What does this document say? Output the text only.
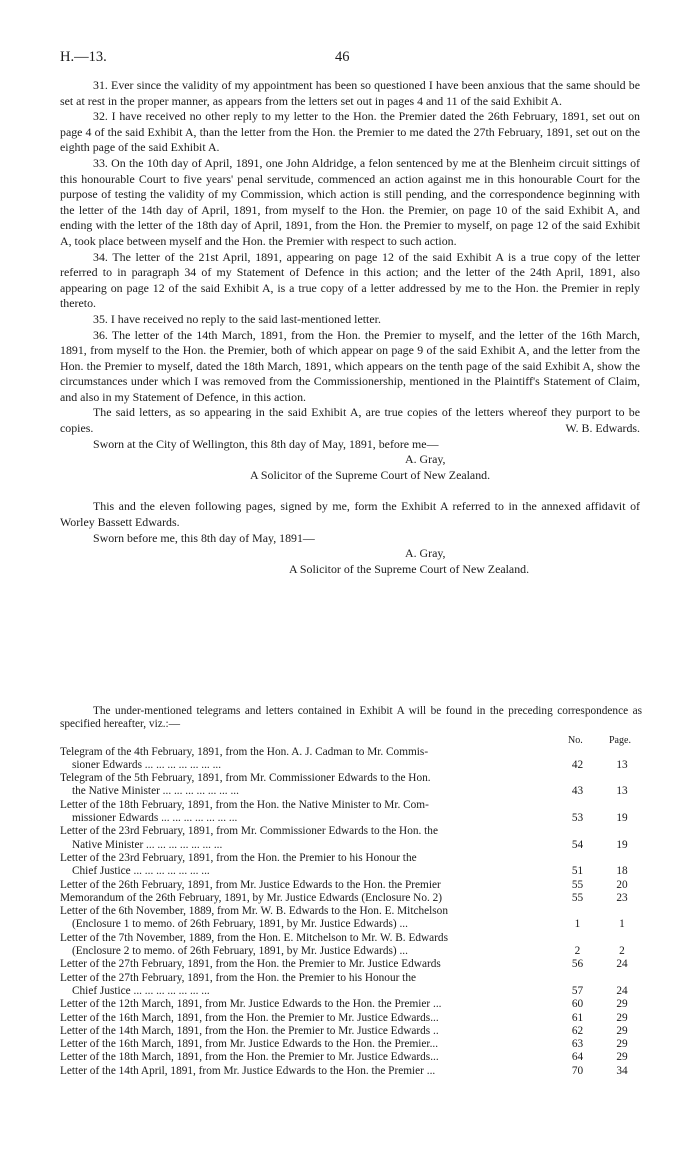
H.—13.	46

31. Ever since the validity of my appointment has been so questioned I have been anxious that the same should be set at rest in the proper manner, as appears from the letters set out in pages 4 and 11 of the said Exhibit A.

32. I have received no other reply to my letter to the Hon. the Premier dated the 26th February, 1891, set out on page 4 of the said Exhibit A, than the letter from the Hon. the Premier to me dated the 27th February, 1891, set out on the eighth page of the said Exhibit A.

33. On the 10th day of April, 1891, one John Aldridge, a felon sentenced by me at the Blenheim circuit sittings of this honourable Court to five years' penal servitude, commenced an action against me in this honourable Court for the purpose of testing the validity of my Commission, which action is still pending, and the correspondence beginning with the letter of the 14th day of April, 1891, from myself to the Hon. the Premier, on page 10 of the said Exhibit A, and ending with the letter of the 18th day of April, 1891, from the Hon. the Premier to myself, on page 12 of the said Exhibit A, took place between myself and the Hon. the Premier with respect to such action.

34. The letter of the 21st April, 1891, appearing on page 12 of the said Exhibit A is a true copy of the letter referred to in paragraph 34 of my Statement of Defence in this action; and the letter of the 24th April, 1891, also appearing on page 12 of the said Exhibit A, is a true copy of a letter addressed by me to the Hon. the Premier in reply thereto.

35. I have received no reply to the said last-mentioned letter.

36. The letter of the 14th March, 1891, from the Hon. the Premier to myself, and the letter of the 16th March, 1891, from myself to the Hon. the Premier, both of which appear on page 9 of the said Exhibit A, and the letter from the Hon. the Premier to myself, dated the 18th March, 1891, which appears on the tenth page of the said Exhibit A, show the circumstances under which I was removed from the Commissionership, mentioned in the Plaintiff's Statement of Claim, and also in my Statement of Defence, in this action.

The said letters, as so appearing in the said Exhibit A, are true copies of the letters whereof they purport to be copies.	W. B. Edwards.
Sworn at the City of Wellington, this 8th day of May, 1891, before me—
A. Gray,
A Solicitor of the Supreme Court of New Zealand.

This and the eleven following pages, signed by me, form the Exhibit A referred to in the annexed affidavit of Worley Bassett Edwards.

Sworn before me, this 8th day of May, 1891—
A. Gray,
A Solicitor of the Supreme Court of New Zealand.

The under-mentioned telegrams and letters contained in Exhibit A will be found in the preceding correspondence as specified hereafter, viz.:—

No.	Page.
Telegram of the 4th February, 1891, from the Hon. A. J. Cadman to Mr. Commis-
sioner Edwards ... ... ... ... ... ... ...	42	13
Telegram of the 5th February, 1891, from Mr. Commissioner Edwards to the Hon.
the Native Minister ... ... ... ... ... ... ...	43	13
Letter of the 18th February, 1891, from the Hon. the Native Minister to Mr. Com-
missioner Edwards ... ... ... ... ... ... ...	53	19
Letter of the 23rd February, 1891, from Mr. Commissioner Edwards to the Hon. the
Native Minister ... ... ... ... ... ... ...	54	19
Letter of the 23rd February, 1891, from the Hon. the Premier to his Honour the
Chief Justice ... ... ... ... ... ... ...	51	18
Letter of the 26th February, 1891, from Mr. Justice Edwards to the Hon. the Premier	55	20
Memorandum of the 26th February, 1891, by Mr. Justice Edwards (Enclosure No. 2)	55	23
Letter of the 6th November, 1889, from Mr. W. B. Edwards to the Hon. E. Mitchelson
(Enclosure 1 to memo. of 26th February, 1891, by Mr. Justice Edwards) ...	1	1
Letter of the 7th November, 1889, from the Hon. E. Mitchelson to Mr. W. B. Edwards
(Enclosure 2 to memo. of 26th February, 1891, by Mr. Justice Edwards) ...	2	2
Letter of the 27th February, 1891, from the Hon. the Premier to Mr. Justice Edwards	56	24
Letter of the 27th February, 1891, from the Hon. the Premier to his Honour the
Chief Justice ... ... ... ... ... ... ...	57	24
Letter of the 12th March, 1891, from Mr. Justice Edwards to the Hon. the Premier ...	60	29
Letter of the 16th March, 1891, from the Hon. the Premier to Mr. Justice Edwards...	61	29
Letter of the 14th March, 1891, from the Hon. the Premier to Mr. Justice Edwards ..	62	29
Letter of the 16th March, 1891, from Mr. Justice Edwards to the Hon. the Premier...	63	29
Letter of the 18th March, 1891, from the Hon. the Premier to Mr. Justice Edwards...	64	29
Letter of the 14th April, 1891, from Mr. Justice Edwards to the Hon. the Premier ...	70	34
